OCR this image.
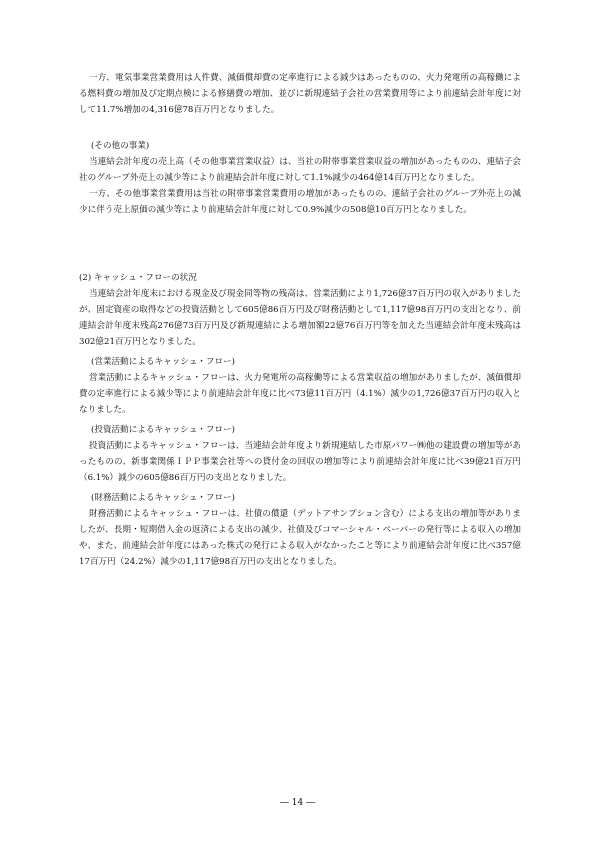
一方、電気事業営業費用は人件費、減価償却費の定率進行による減少はあったものの、火力発電所の高稼働による燃料費の増加及び定期点検による修繕費の増加、並びに新規連結子会社の営業費用等により前連結会計年度に対して11.7%増加の4,316億78百万円となりました。

(その他の事業)

当連結会計年度の売上高（その他事業営業収益）は、当社の附帯事業営業収益の増加があったものの、連結子会社のグループ外売上の減少等により前連結会計年度に対して1.1%減少の464億14百万円となりました。

一方、その他事業営業費用は当社の附帯事業営業費用の増加があったものの、連結子会社のグループ外売上の減少に伴う売上原価の減少等により前連結会計年度に対して0.9%減少の508億10百万円となりました。

(2) キャッシュ・フローの状況

当連結会計年度末における現金及び現金同等物の残高は、営業活動により1,726億37百万円の収入がありましたが、固定資産の取得などの投資活動として605億86百万円及び財務活動として1,117億98百万円の支出となり、前連結会計年度末残高276億73百万円及び新規連結による増加額22億76百万円等を加えた当連結会計年度末残高は302億21百万円となりました。

(営業活動によるキャッシュ・フロー)

営業活動によるキャッシュ・フローは、火力発電所の高稼働等による営業収益の増加がありましたが、減価償却費の定率進行による減少等により前連結会計年度に比べ73億11百万円（4.1%）減少の1,726億37百万円の収入となりました。

(投資活動によるキャッシュ・フロー)

投資活動によるキャッシュ・フローは、当連結会計年度より新規連結した市原パワー㈱他の建設費の増加等があったものの、新事業関係ＩＰＰ事業会社等への貸付金の回収の増加等により前連結会計年度に比べ39億21百万円（6.1%）減少の605億86百万円の支出となりました。

(財務活動によるキャッシュ・フロー)

財務活動によるキャッシュ・フローは、社債の償還（デットアサンプション含む）による支出の増加等がありましたが、長期・短期借入金の返済による支出の減少、社債及びコマーシャル・ペーパーの発行等による収入の増加や、また、前連結会計年度にはあった株式の発行による収入がなかったこと等により前連結会計年度に比べ357億17百万円（24.2%）減少の1,117億98百万円の支出となりました。

― 14 ―
